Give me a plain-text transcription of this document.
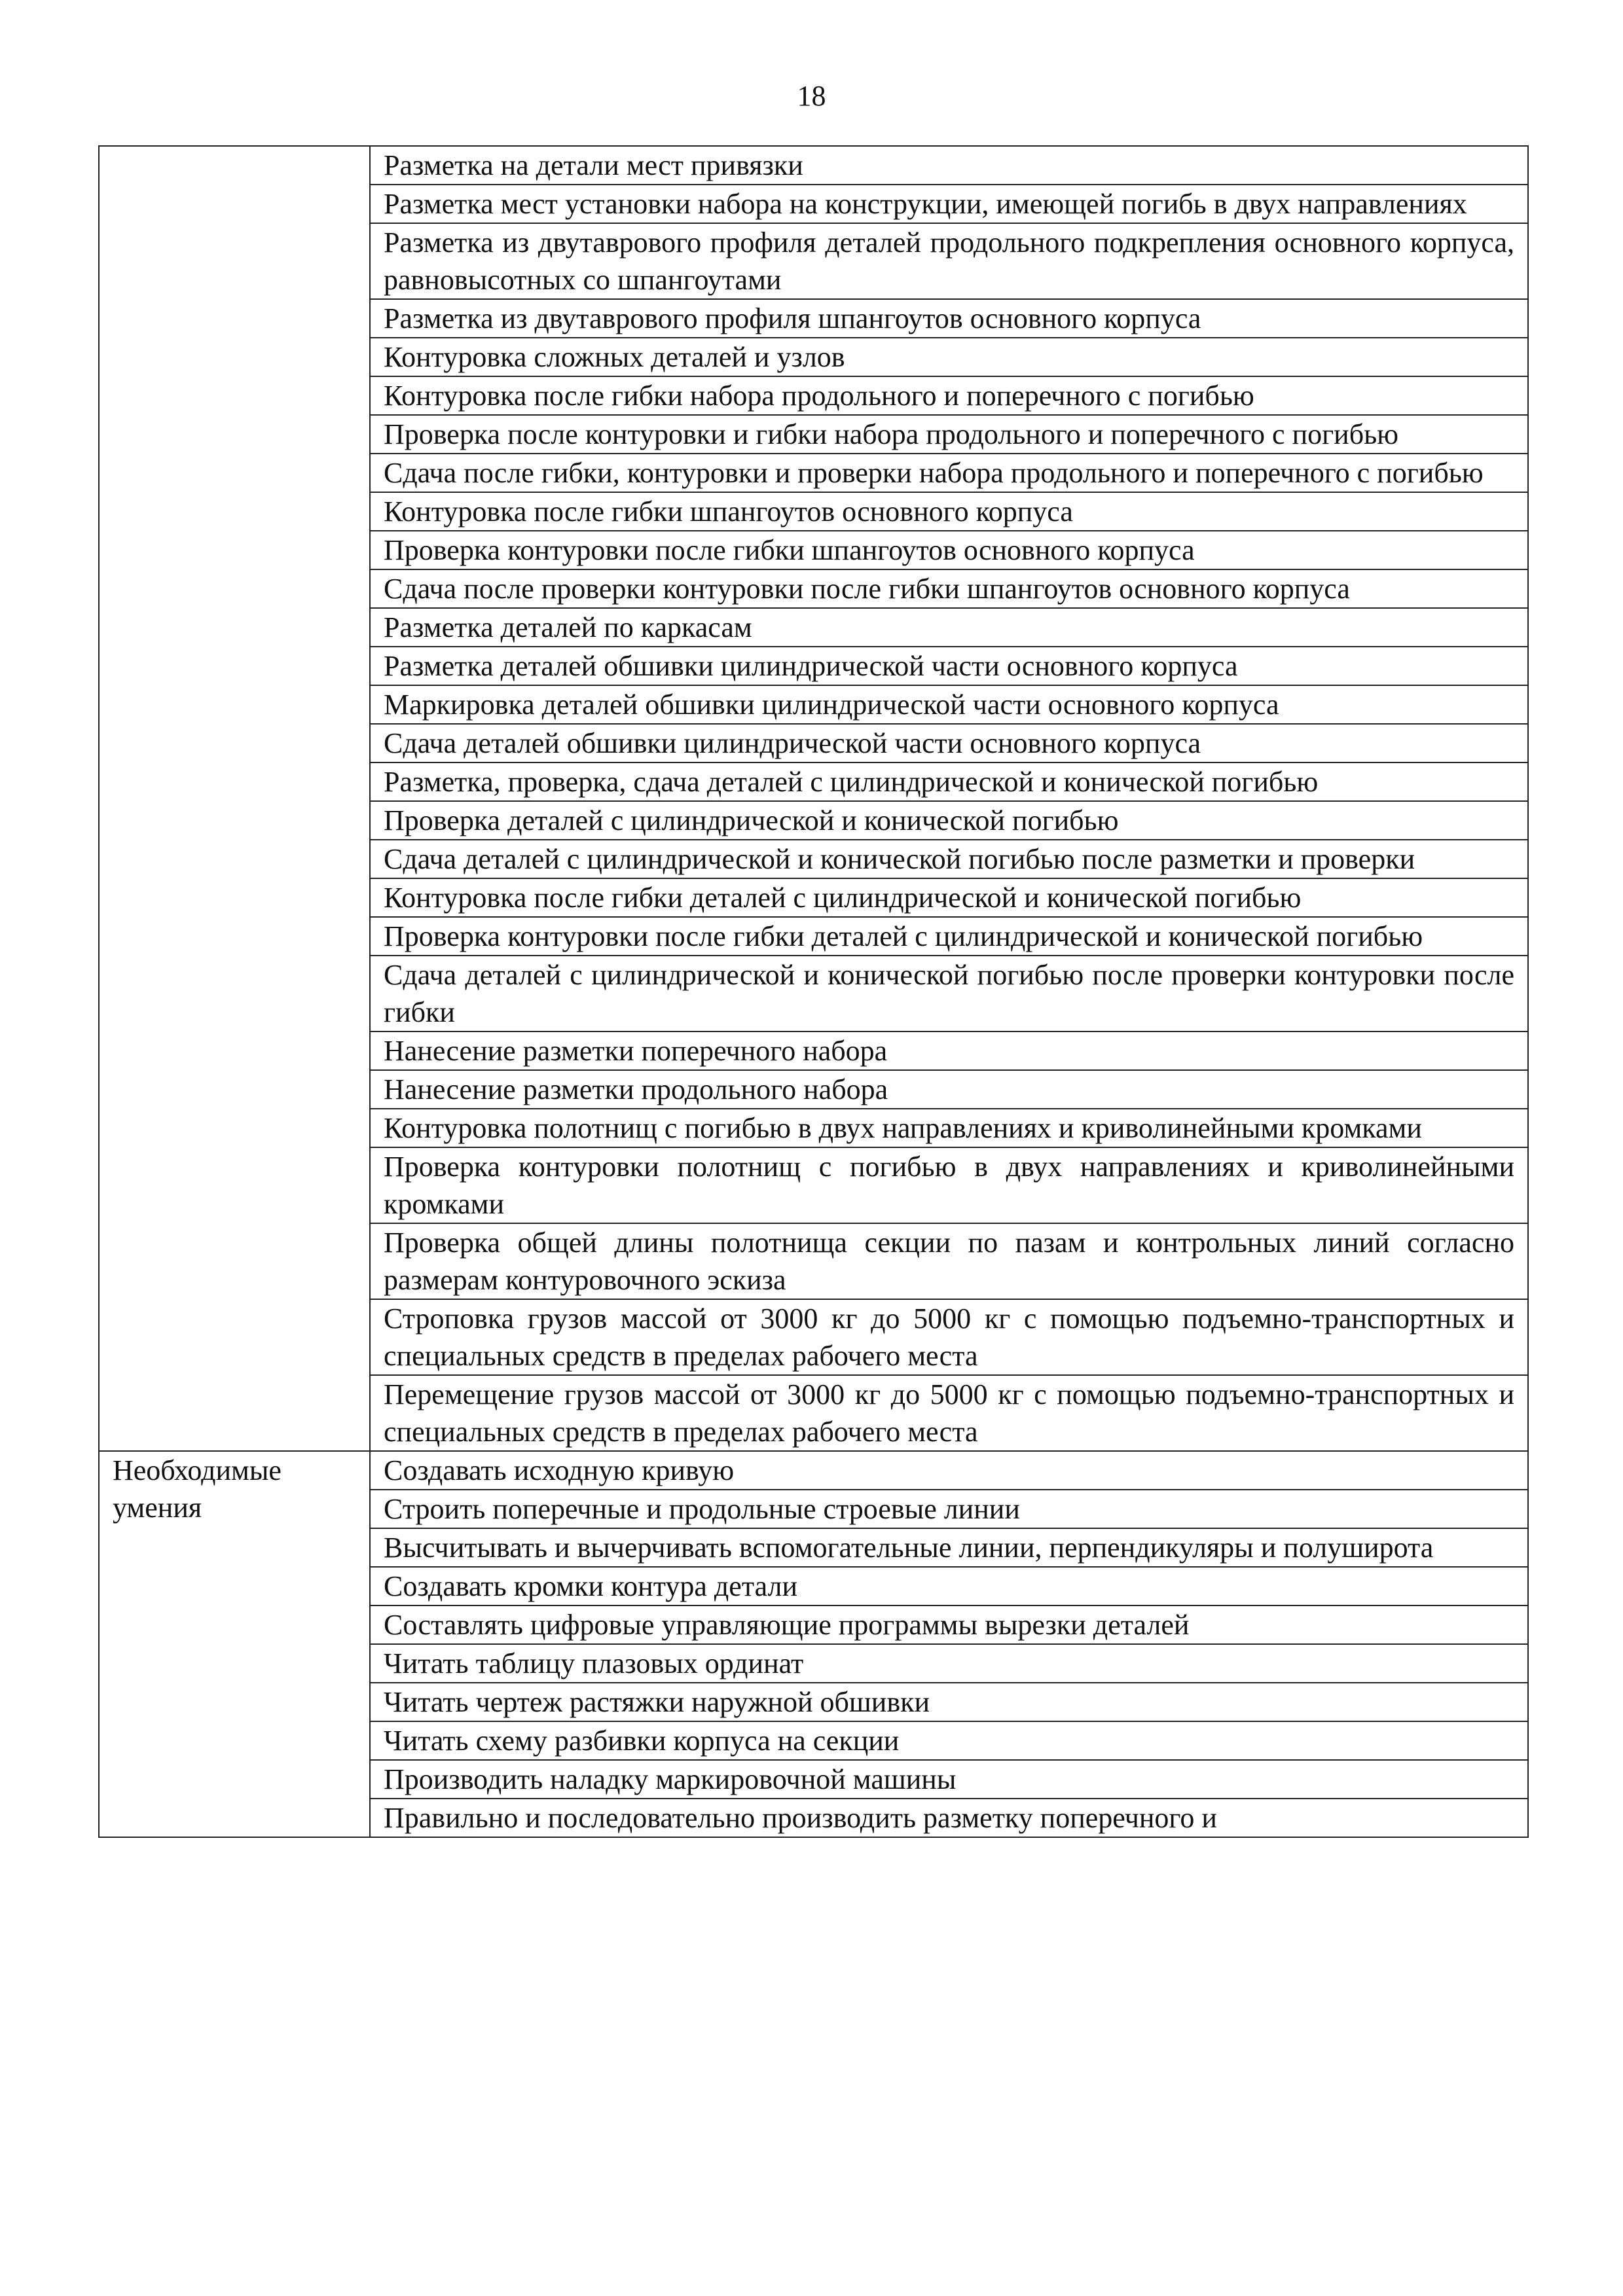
18
	Разметка на детали мест привязки
	Разметка мест установки набора на конструкции, имеющей погибь в двух направлениях
	Разметка из двутаврового профиля деталей продольного подкрепления основного корпуса, равновысотных со шпангоутами
	Разметка из двутаврового профиля шпангоутов основного корпуса
	Контуровка сложных деталей и узлов
	Контуровка после гибки набора продольного и поперечного с погибью
	Проверка после контуровки и гибки набора продольного и поперечного с погибью
	Сдача после гибки, контуровки и проверки набора продольного и поперечного с погибью
	Контуровка после гибки шпангоутов основного корпуса
	Проверка контуровки после гибки шпангоутов основного корпуса
	Сдача после проверки контуровки после гибки шпангоутов основного корпуса
	Разметка деталей по каркасам
	Разметка деталей обшивки цилиндрической части основного корпуса
	Маркировка деталей обшивки цилиндрической части основного корпуса
	Сдача деталей обшивки цилиндрической части основного корпуса
	Разметка, проверка, сдача деталей с цилиндрической и конической погибью
	Проверка деталей с цилиндрической и конической погибью
	Сдача деталей с цилиндрической и конической погибью после разметки и проверки
	Контуровка после гибки деталей с цилиндрической и конической погибью
	Проверка контуровки после гибки деталей с цилиндрической и конической погибью
	Сдача деталей с цилиндрической и конической погибью после проверки контуровки после гибки
	Нанесение разметки поперечного набора
	Нанесение разметки продольного набора
	Контуровка полотнищ с погибью в двух направлениях и криволинейными кромками
	Проверка контуровки полотнищ с погибью в двух направлениях и криволинейными кромками
	Проверка общей длины полотнища секции по пазам и контрольных линий согласно размерам контуровочного эскиза
	Строповка грузов массой от 3000 кг до 5000 кг с помощью подъемно-транспортных и специальных средств в пределах рабочего места
	Перемещение грузов массой от 3000 кг до 5000 кг с помощью подъемно-транспортных и специальных средств в пределах рабочего места
Необходимые умения	Создавать исходную кривую
	Строить поперечные и продольные строевые линии
	Высчитывать и вычерчивать вспомогательные линии, перпендикуляры и полуширота
	Создавать кромки контура детали
	Составлять цифровые управляющие программы вырезки деталей
	Читать таблицу плазовых ординат
	Читать чертеж растяжки наружной обшивки
	Читать схему разбивки корпуса на секции
	Производить наладку маркировочной машины
	Правильно и последовательно производить разметку поперечного и
